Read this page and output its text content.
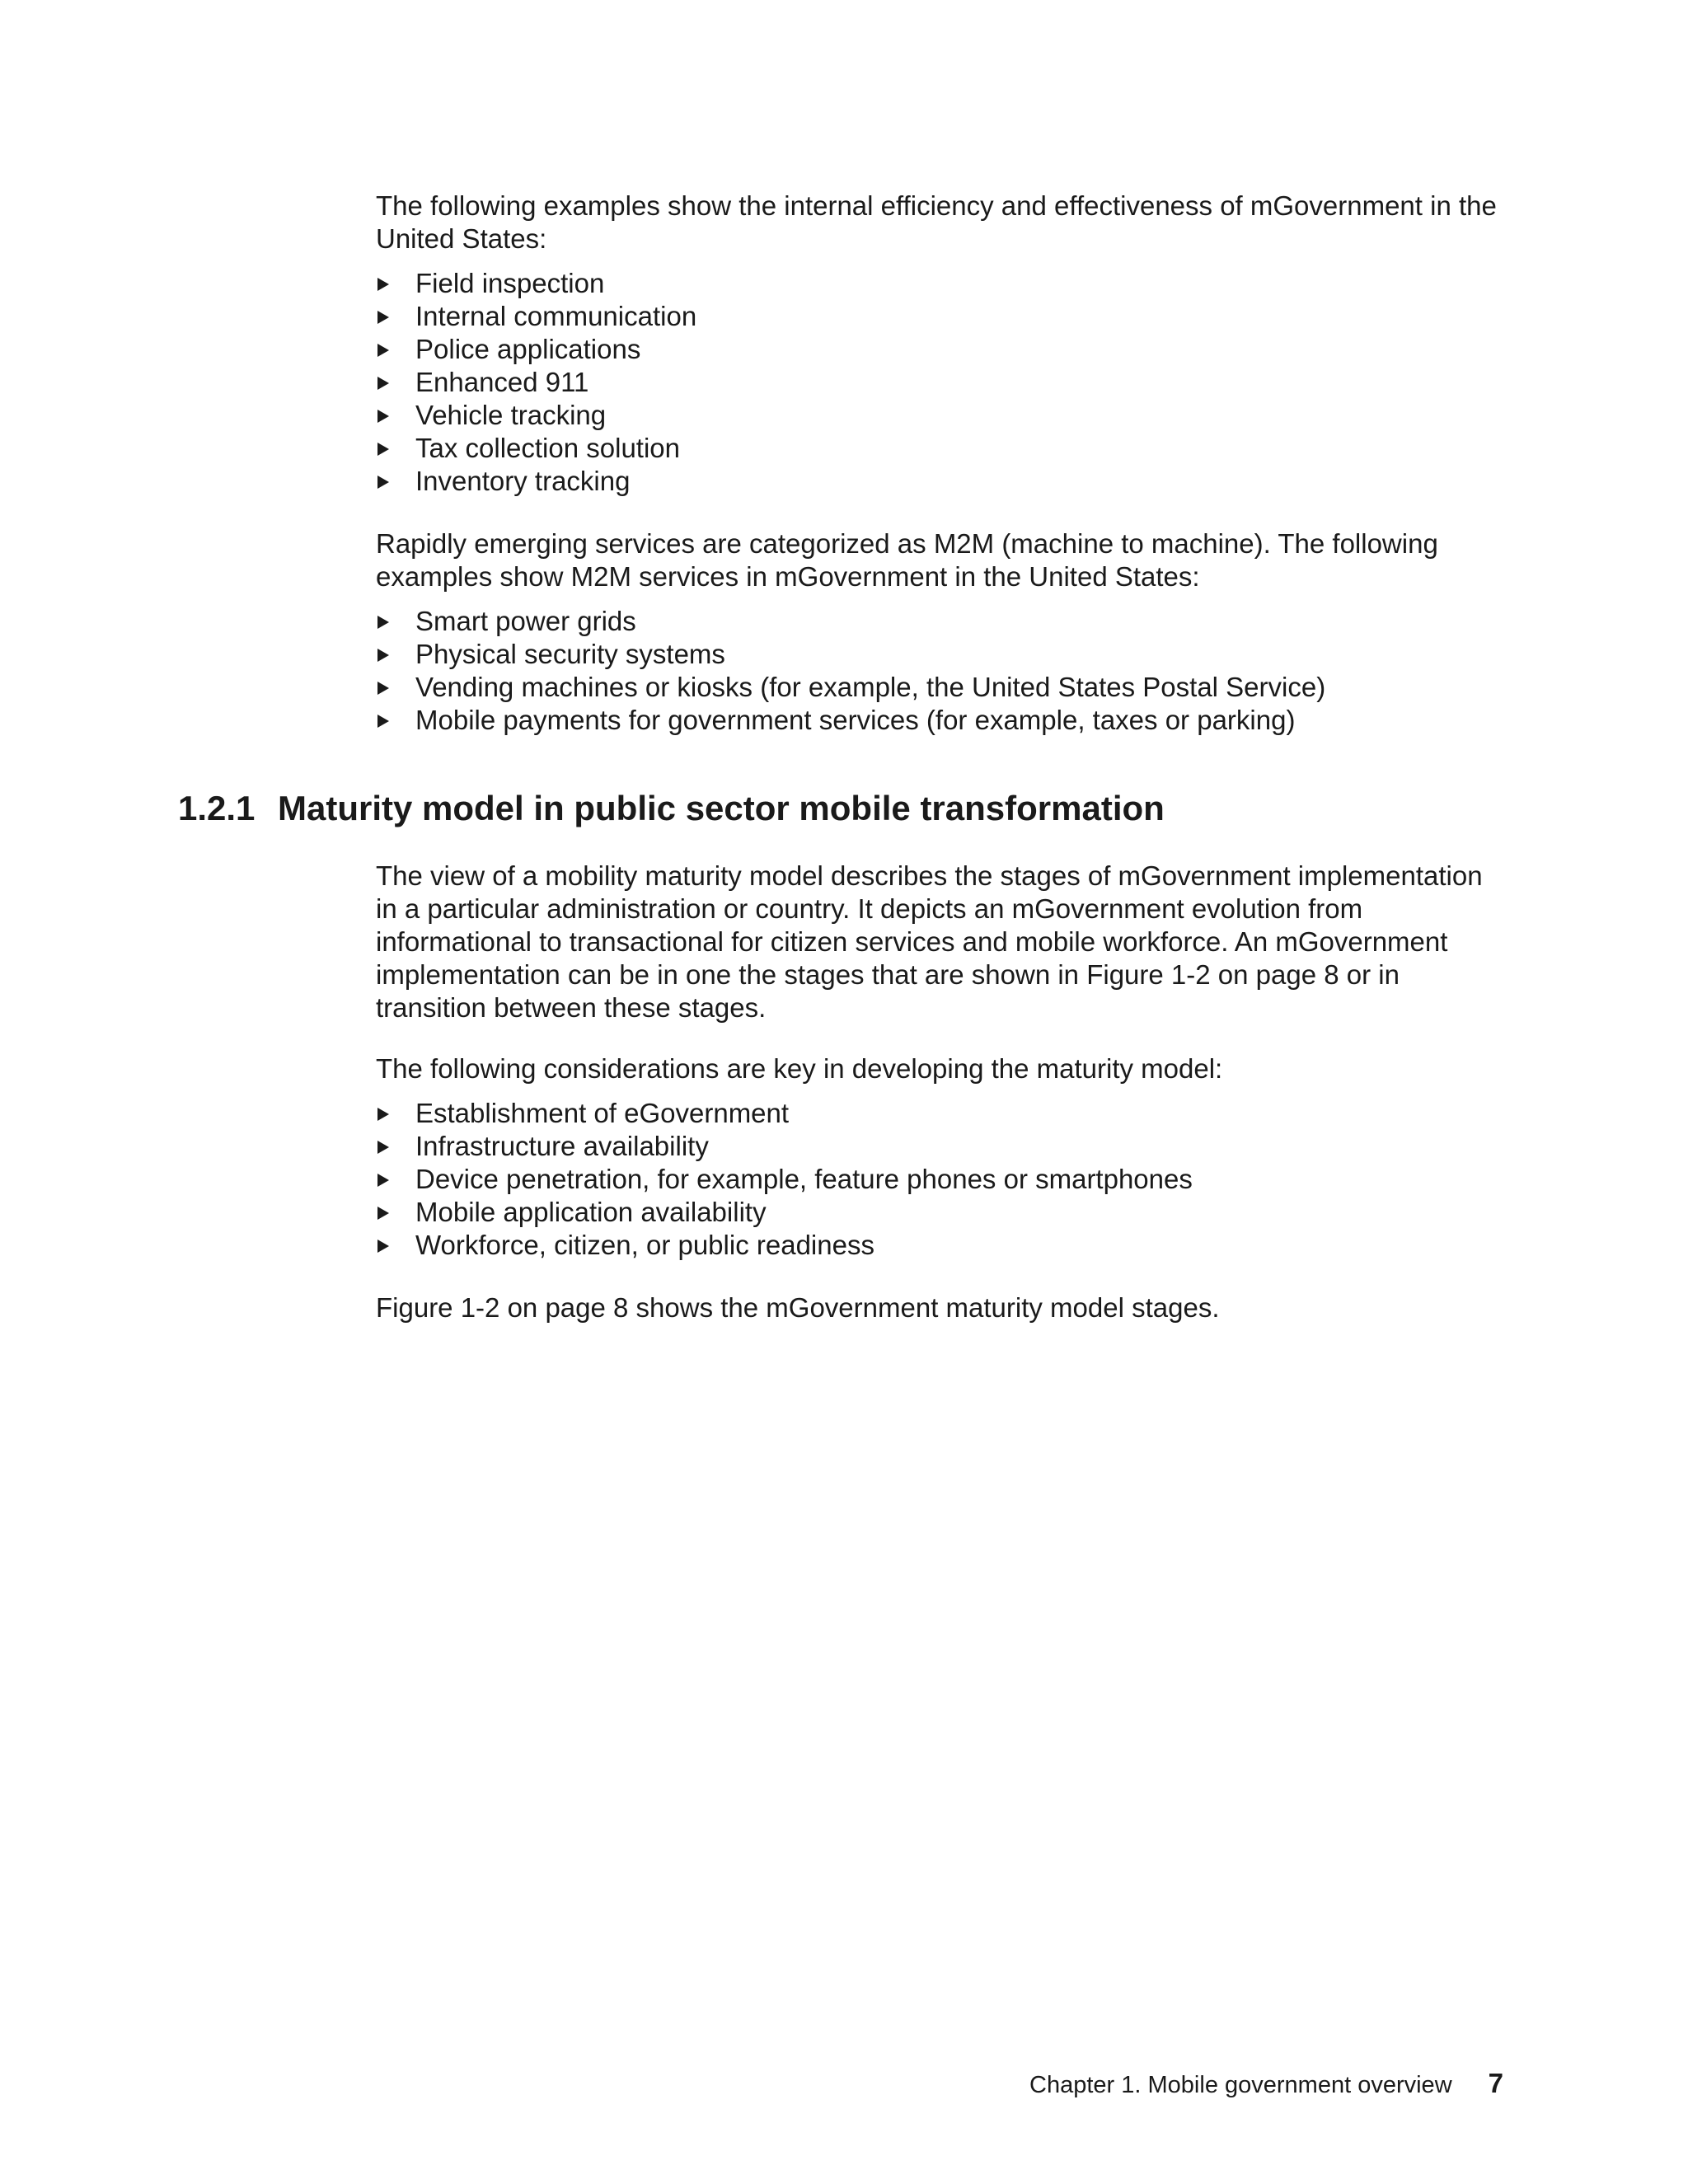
The following examples show the internal efficiency and effectiveness of mGovernment in the United States:

Field inspection
Internal communication
Police applications
Enhanced 911
Vehicle tracking
Tax collection solution
Inventory tracking

Rapidly emerging services are categorized as M2M (machine to machine). The following examples show M2M services in mGovernment in the United States:

Smart power grids
Physical security systems
Vending machines or kiosks (for example, the United States Postal Service)
Mobile payments for government services (for example, taxes or parking)
1.2.1 Maturity model in public sector mobile transformation

The view of a mobility maturity model describes the stages of mGovernment implementation in a particular administration or country. It depicts an mGovernment evolution from informational to transactional for citizen services and mobile workforce. An mGovernment implementation can be in one the stages that are shown in Figure 1-2 on page 8 or in transition between these stages.

The following considerations are key in developing the maturity model:

Establishment of eGovernment
Infrastructure availability
Device penetration, for example, feature phones or smartphones
Mobile application availability
Workforce, citizen, or public readiness

Figure 1-2 on page 8 shows the mGovernment maturity model stages.

Chapter 1. Mobile government overview 7
